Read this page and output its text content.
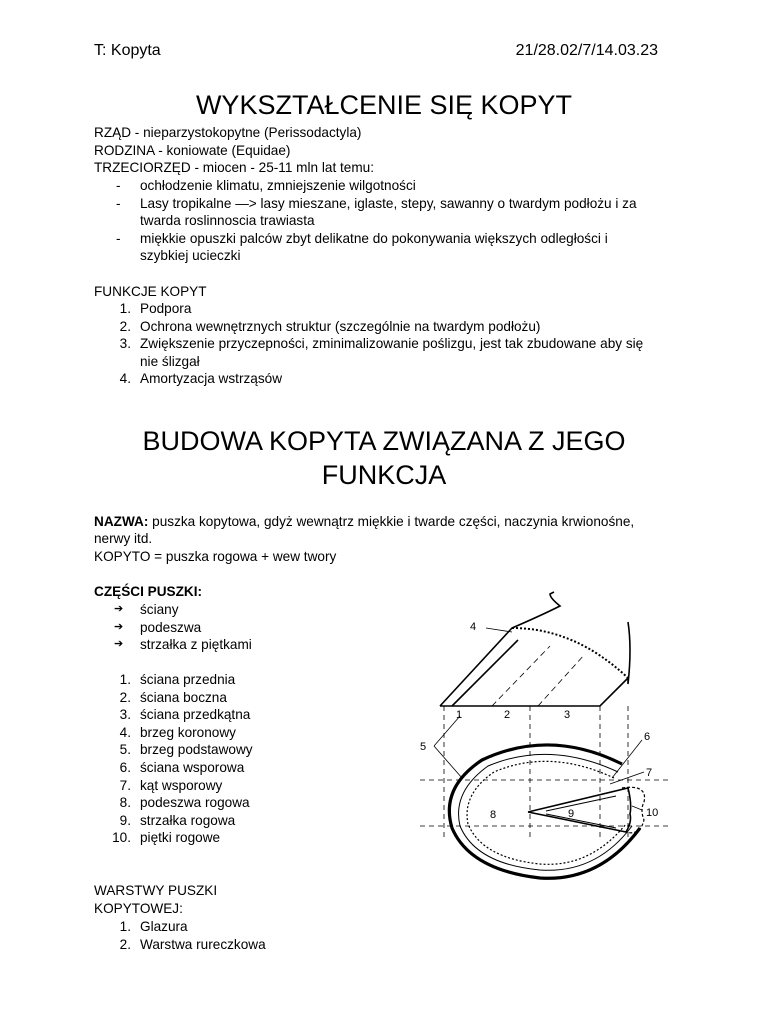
T: Kopyta	21/28.02/7/14.03.23
WYKSZTAŁCENIE SIĘ KOPYT
RZĄD - nieparzystokopytne (Perissodactyla)
RODZINA - koniowate (Equidae)
TRZECIORZĘD - miocen - 25-11 mln lat temu:
- ochłodzenie klimatu, zmniejszenie wilgotności
- Lasy tropikalne —> lasy mieszane, iglaste, stepy, sawanny o twardym podłożu i za
twarda roslinnoscia trawiasta
- miękkie opuszki palców zbyt delikatne do pokonywania większych odległości i
szybkiej ucieczki
FUNKCJE KOPYT
1. Podpora
2. Ochrona wewnętrznych struktur (szczególnie na twardym podłożu)
3. Zwiększenie przyczepności, zminimalizowanie poślizgu, jest tak zbudowane aby się
nie ślizgał
4. Amortyzacja wstrząsów
BUDOWA KOPYTA ZWIĄZANA Z JEGO
FUNKCJA
NAZWA: puszka kopytowa, gdyż wewnątrz miękkie i twarde części, naczynia krwionośne,
nerwy itd.
KOPYTO = puszka rogowa + wew twory
CZĘŚCI PUSZKI:
➔ ściany
➔ podeszwa
➔ strzałka z piętkami
1. ściana przednia
2. ściana boczna
3. ściana przedkątna
4. brzeg koronowy
5. brzeg podstawowy
6. ściana wsporowa
7. kąt wsporowy
8. podeszwa rogowa
9. strzałka rogowa
10. piętki rogowe
WARSTWY PUSZKI
KOPYTOWEJ:
1. Glazura
2. Warstwa rureczkowa
4
1	2	3
5
6
7
8	9	10
